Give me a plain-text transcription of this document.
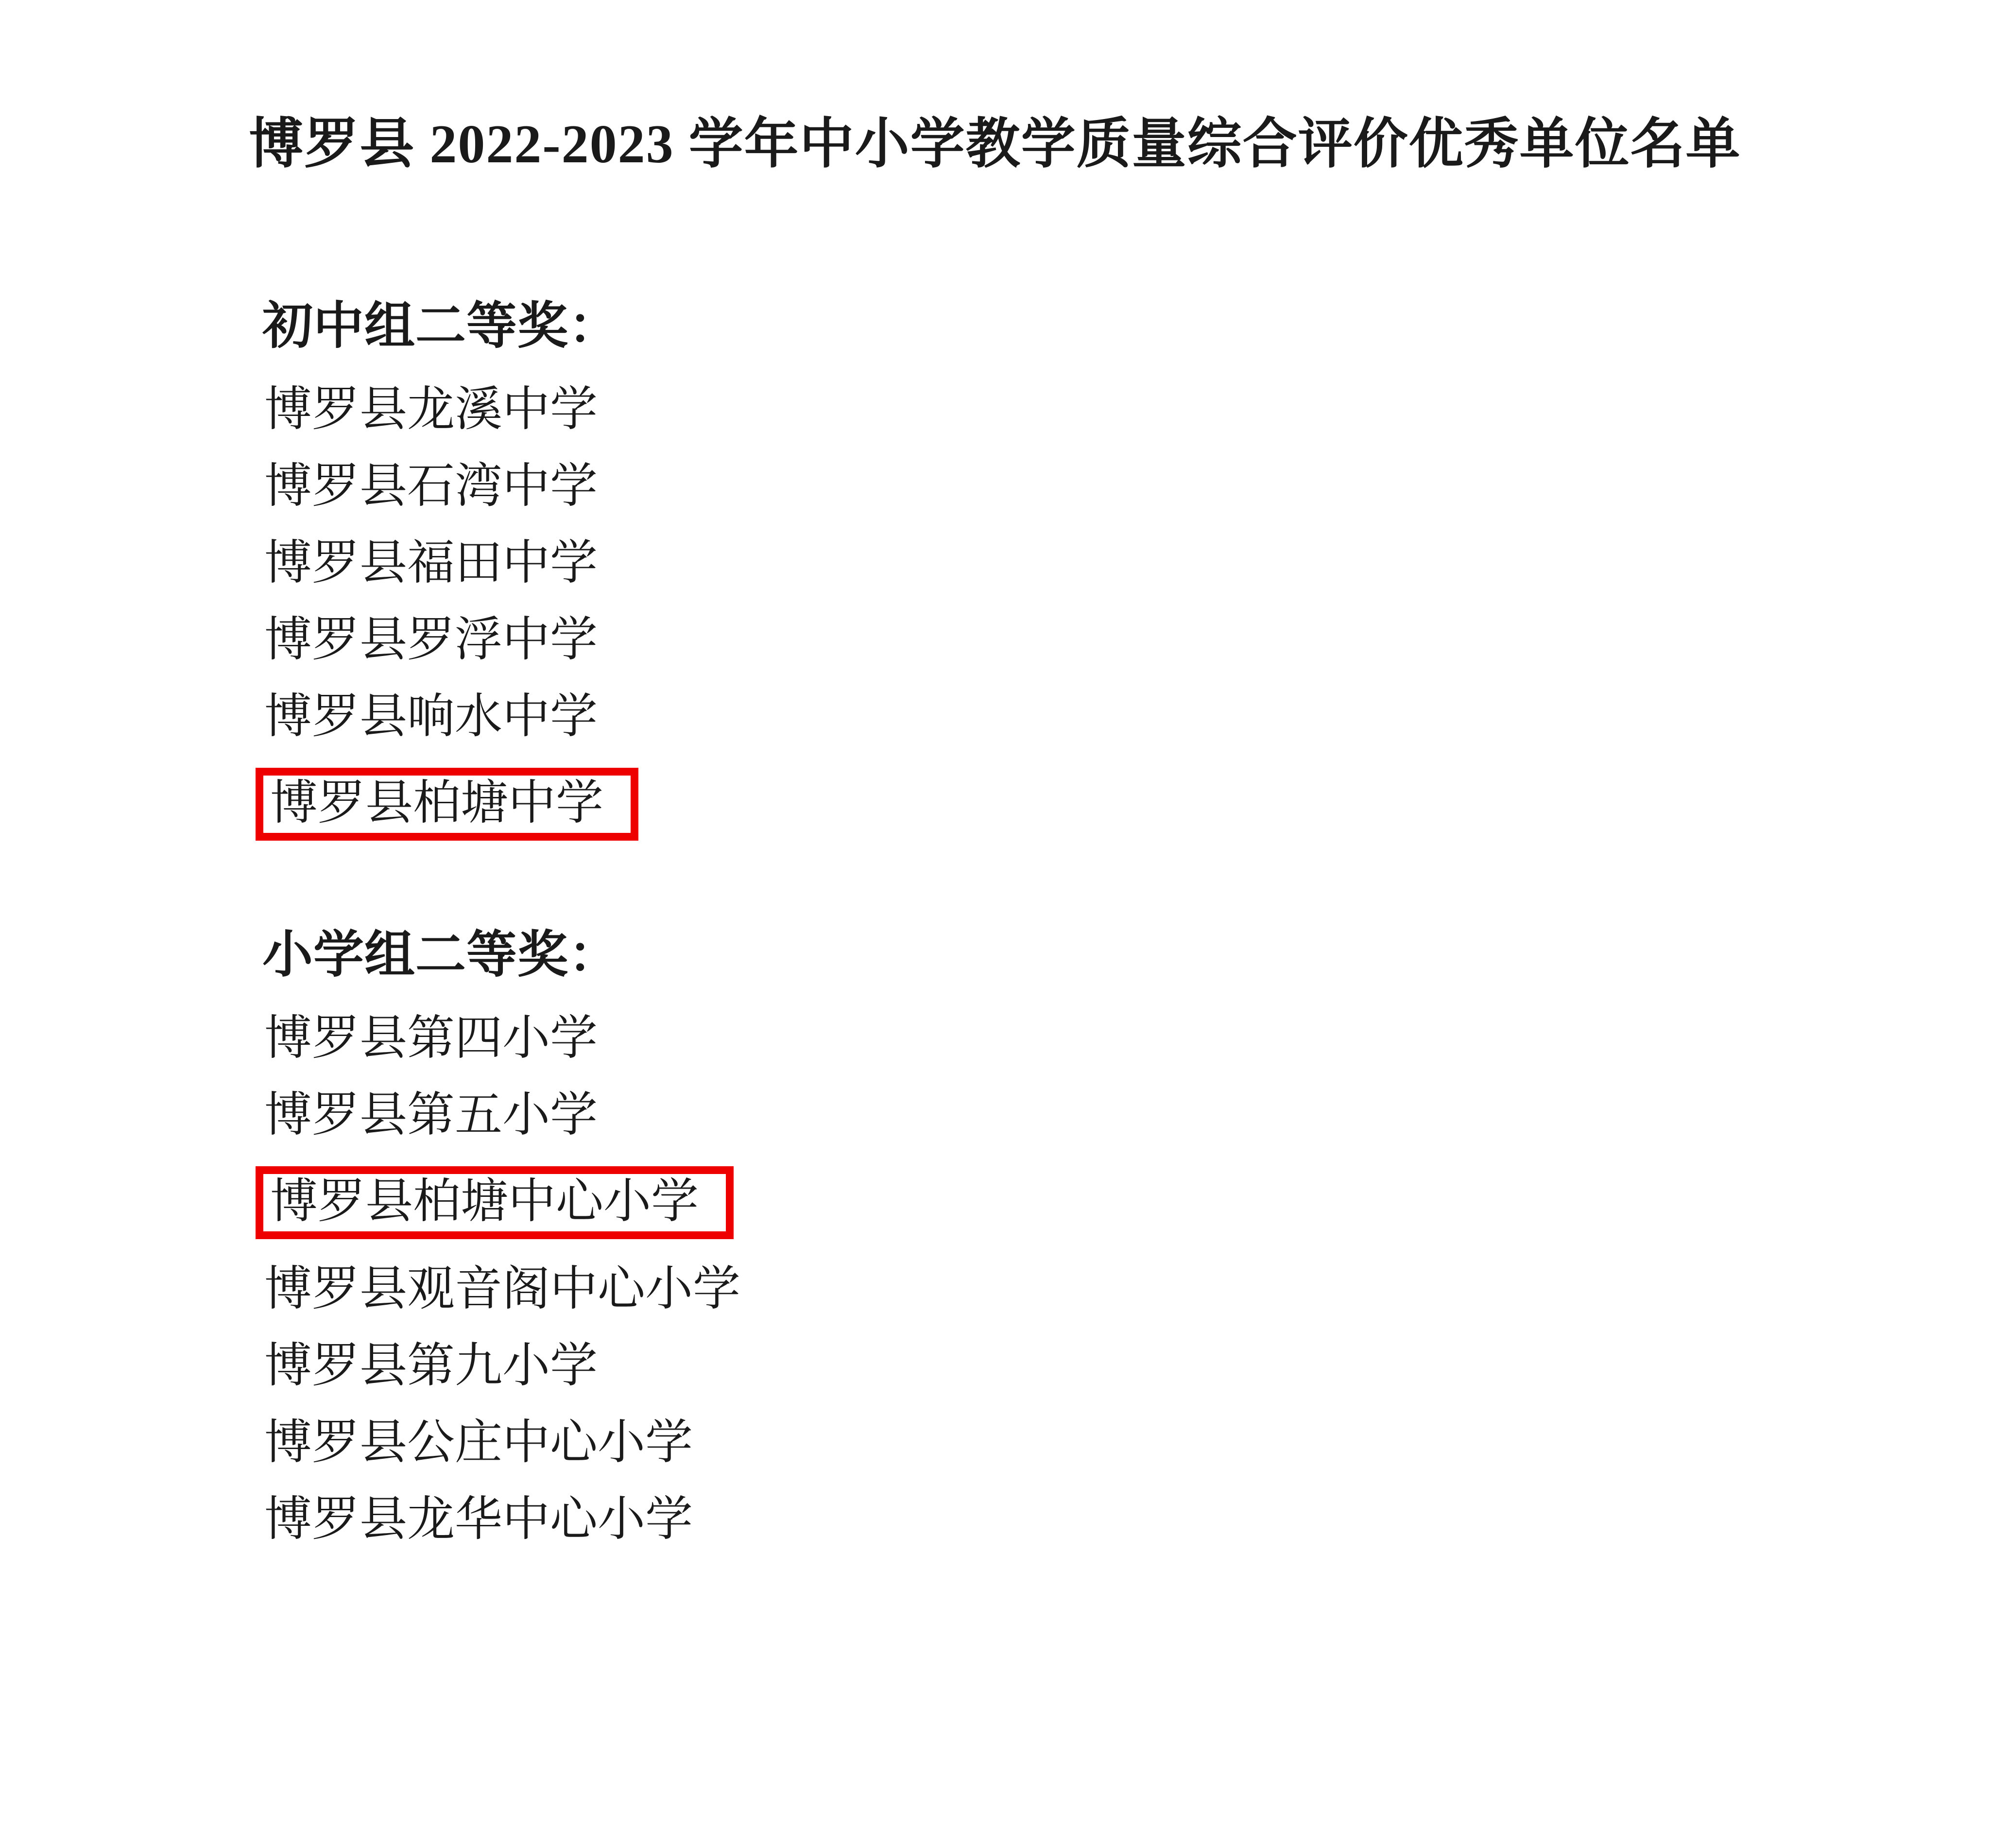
博罗县 2022-2023 学年中小学教学质量综合评价优秀单位名单
初中组二等奖：
博罗县龙溪中学
博罗县石湾中学
博罗县福田中学
博罗县罗浮中学
博罗县响水中学
博罗县柏塘中学
小学组二等奖：
博罗县第四小学
博罗县第五小学
博罗县柏塘中心小学
博罗县观音阁中心小学
博罗县第九小学
博罗县公庄中心小学
博罗县龙华中心小学
